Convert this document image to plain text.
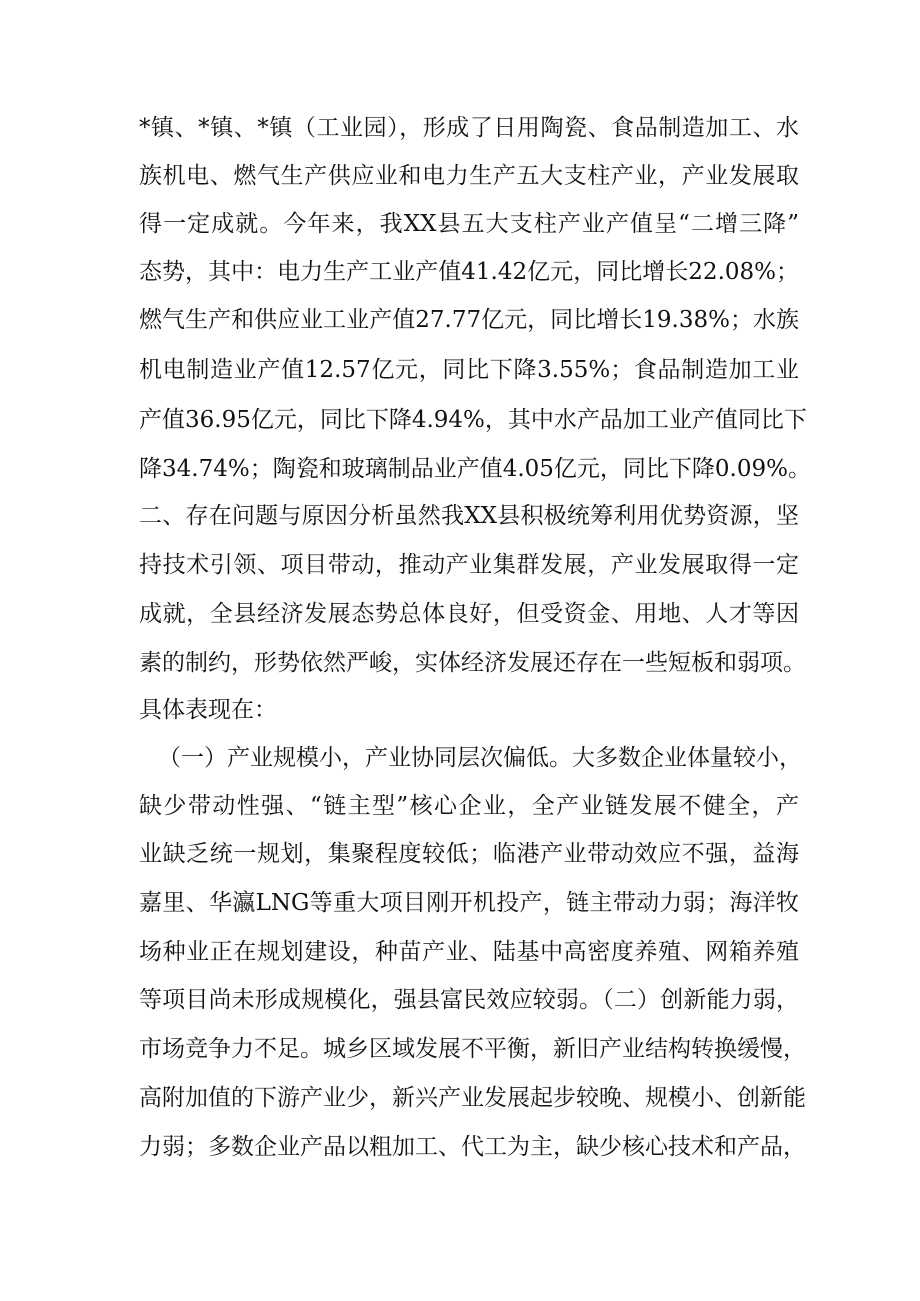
*镇、*镇、*镇（工业园），形成了日用陶瓷、食品制造加工、水
族机电、燃气生产供应业和电力生产五大支柱产业，产业发展取
得一定成就。今年来，我XX县五大支柱产业产值呈“二增三降”
态势，其中：电力生产工业产值41.42亿元，同比增长22.08%；
燃气生产和供应业工业产值27.77亿元，同比增长19.38%；水族
机电制造业产值12.57亿元，同比下降3.55%；食品制造加工业
产值36.95亿元，同比下降4.94%，其中水产品加工业产值同比下
降34.74%；陶瓷和玻璃制品业产值4.05亿元，同比下降0.09%。
二、存在问题与原因分析虽然我XX县积极统筹利用优势资源，坚
持技术引领、项目带动，推动产业集群发展，产业发展取得一定
成就，全县经济发展态势总体良好，但受资金、用地、人才等因
素的制约，形势依然严峻，实体经济发展还存在一些短板和弱项。
具体表现在：
（一）产业规模小，产业协同层次偏低。大多数企业体量较小，
缺少带动性强、“链主型”核心企业，全产业链发展不健全，产
业缺乏统一规划，集聚程度较低；临港产业带动效应不强，益海
嘉里、华瀛LNG等重大项目刚开机投产，链主带动力弱；海洋牧
场种业正在规划建设，种苗产业、陆基中高密度养殖、网箱养殖
等项目尚未形成规模化，强县富民效应较弱。（二）创新能力弱，
市场竞争力不足。城乡区域发展不平衡，新旧产业结构转换缓慢，
高附加值的下游产业少，新兴产业发展起步较晚、规模小、创新能
力弱；多数企业产品以粗加工、代工为主，缺少核心技术和产品，
